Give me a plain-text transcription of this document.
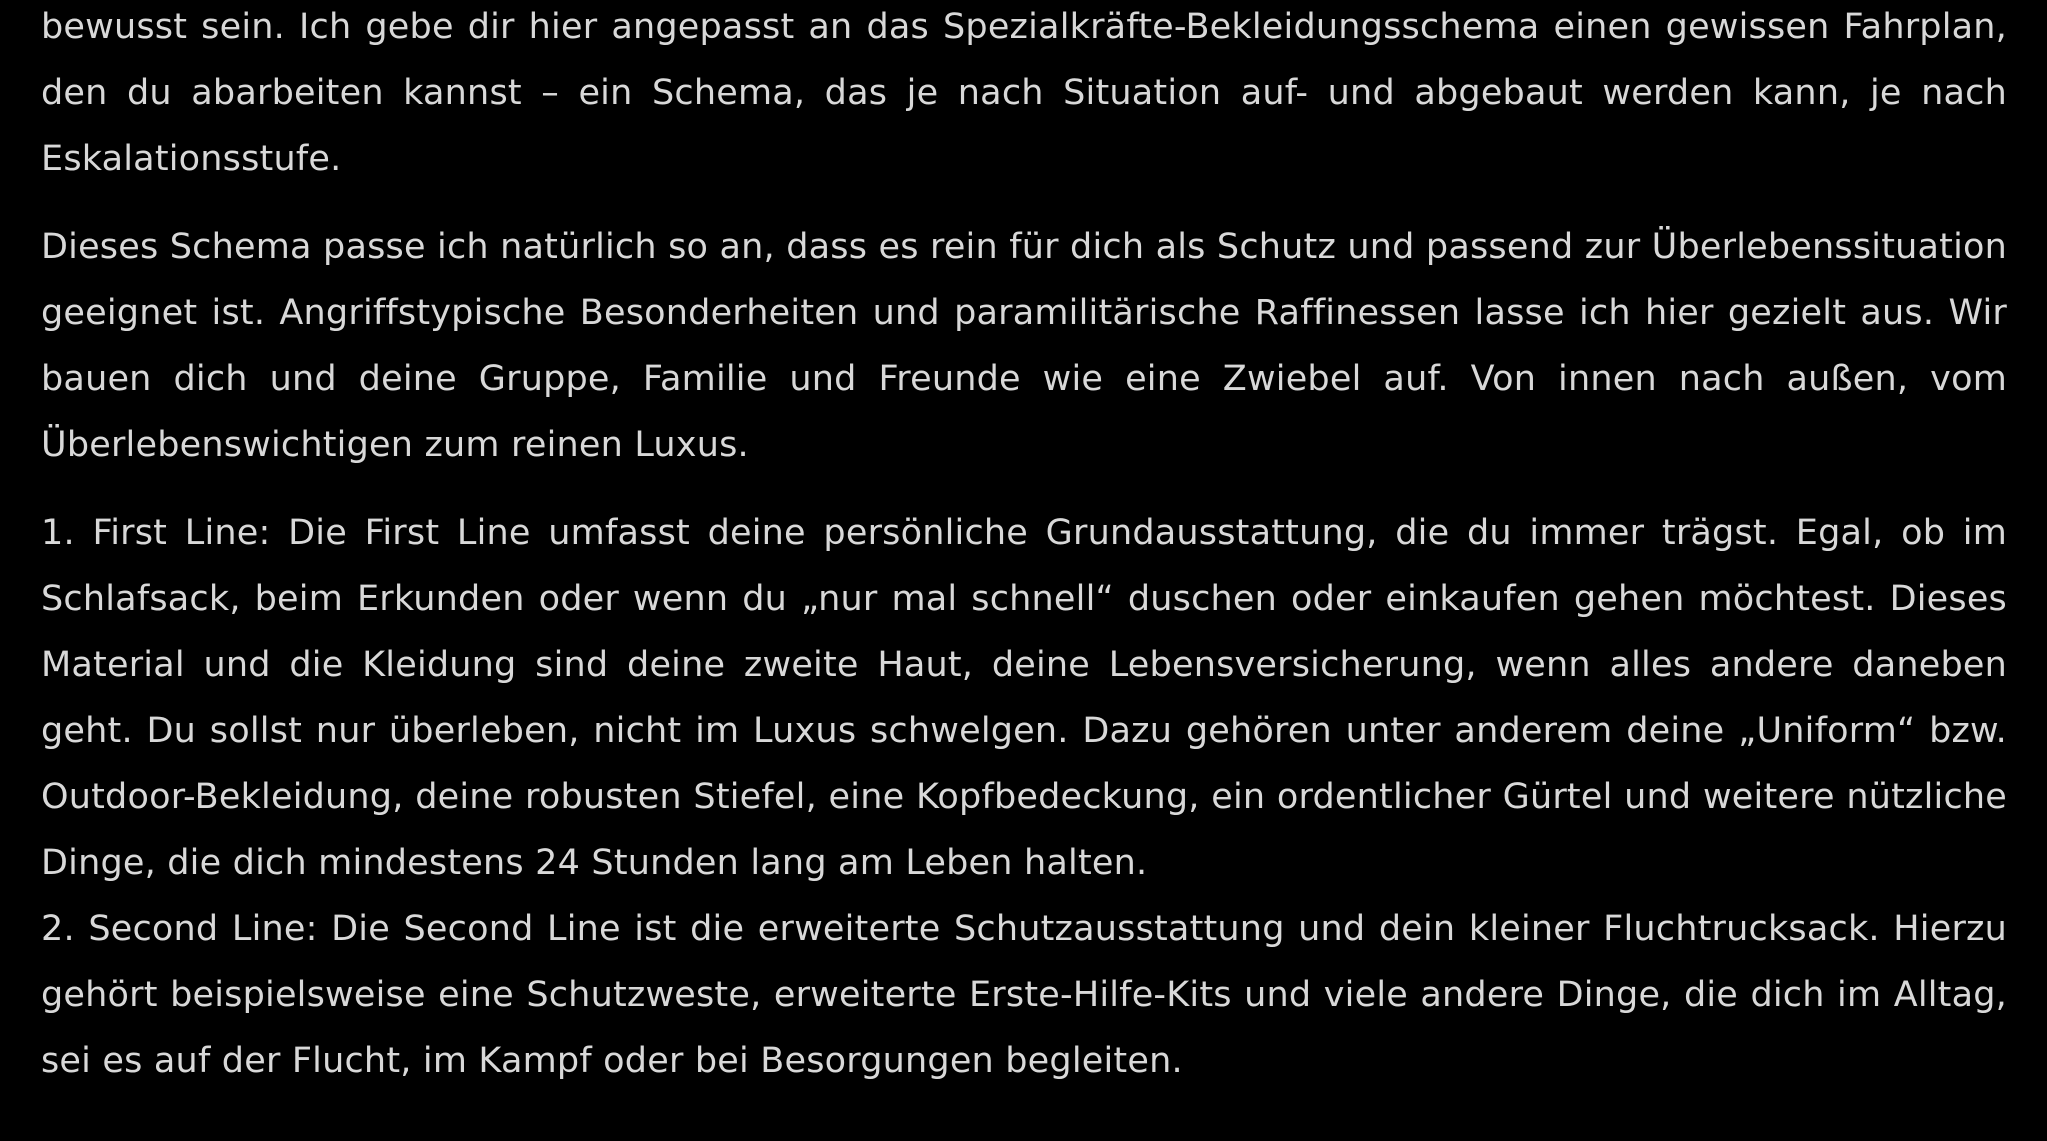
bewusst sein. Ich gebe dir hier angepasst an das Spezialkräfte-Bekleidungsschema einen gewissen Fahrplan, den du abarbeiten kannst – ein Schema, das je nach Situation auf- und abgebaut werden kann, je nach Eskalationsstufe.

Dieses Schema passe ich natürlich so an, dass es rein für dich als Schutz und passend zur Überlebenssituation geeignet ist. Angriffstypische Besonderheiten und paramilitärische Raffinessen lasse ich hier gezielt aus. Wir bauen dich und deine Gruppe, Familie und Freunde wie eine Zwiebel auf. Von innen nach außen, vom Überlebenswichtigen zum reinen Luxus.

1. First Line: Die First Line umfasst deine persönliche Grundausstattung, die du immer trägst. Egal, ob im Schlafsack, beim Erkunden oder wenn du „nur mal schnell“ duschen oder einkaufen gehen möchtest. Dieses Material und die Kleidung sind deine zweite Haut, deine Lebensversicherung, wenn alles andere daneben geht. Du sollst nur überleben, nicht im Luxus schwelgen. Dazu gehören unter anderem deine „Uniform“ bzw. Outdoor-Bekleidung, deine robusten Stiefel, eine Kopfbedeckung, ein ordentlicher Gürtel und weitere nützliche Dinge, die dich mindestens 24 Stunden lang am Leben halten.
2. Second Line: Die Second Line ist die erweiterte Schutzausstattung und dein kleiner Fluchtrucksack. Hierzu gehört beispielsweise eine Schutzweste, erweiterte Erste-Hilfe-Kits und viele andere Dinge, die dich im Alltag, sei es auf der Flucht, im Kampf oder bei Besorgungen begleiten.
